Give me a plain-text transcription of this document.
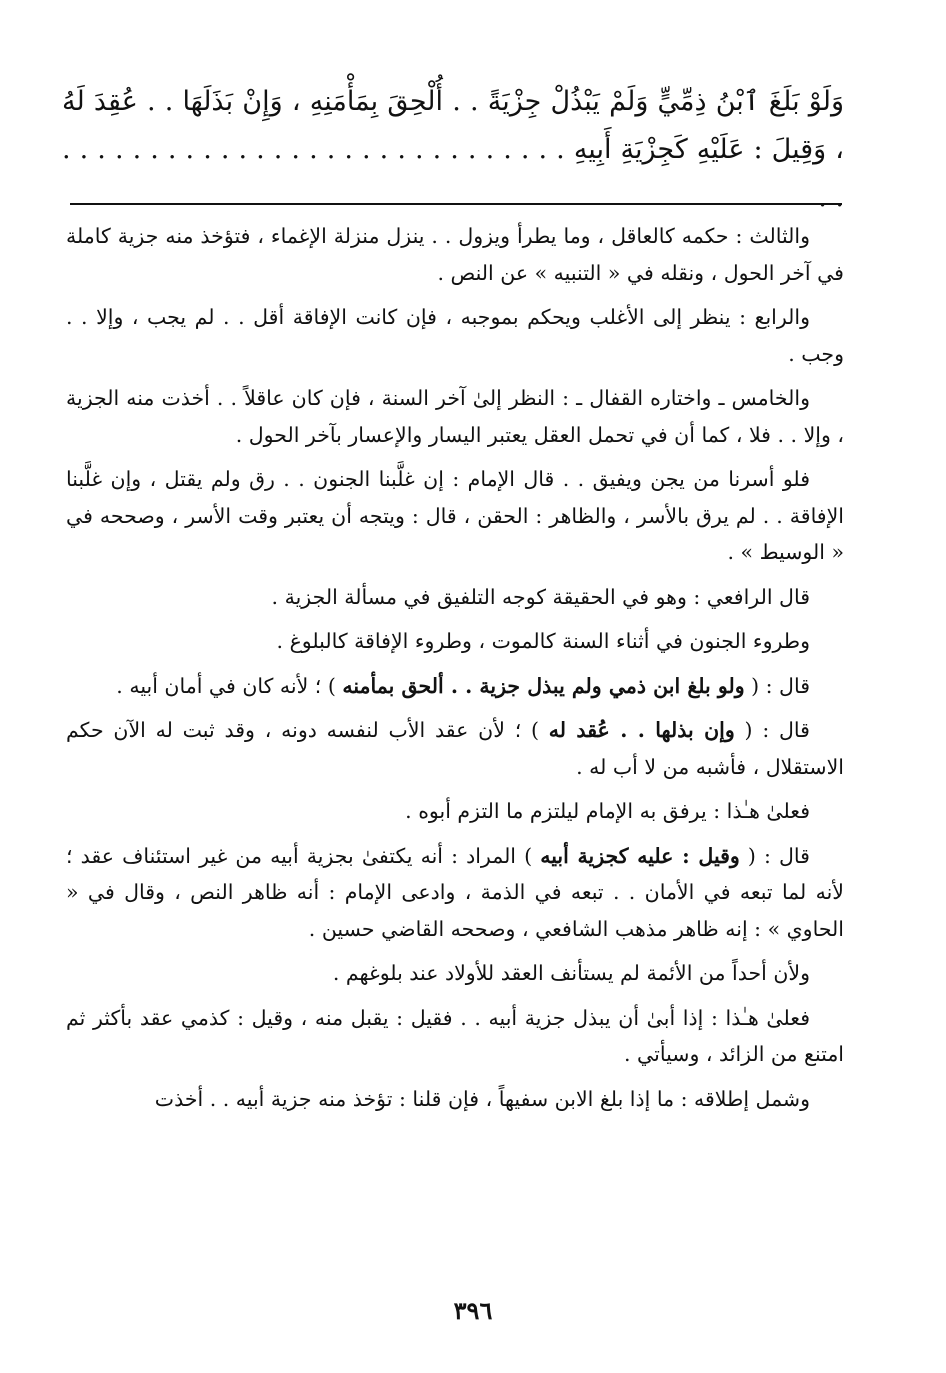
وَلَوْ بَلَغَ ٱبْنُ ذِمِّيٍّ وَلَمْ يَبْذُلْ جِزْيَةً . . أُلْحِقَ بِمَأْمَنِهِ ، وَإِنْ بَذَلَهَا . . عُقِدَ لَهُ ، وَقِيلَ : عَلَيْهِ كَجِزْيَةِ أَبِيهِ . . . . . . . . . . . . . . . . . . . . . . . . . . . . . . .

والثالث : حكمه كالعاقل ، وما يطرأ ويزول . . ينزل منزلة الإغماء ، فتؤخذ منه جزية كاملة في آخر الحول ، ونقله في « التنبيه » عن النص .

والرابع : ينظر إلى الأغلب ويحكم بموجبه ، فإن كانت الإفاقة أقل . . لم يجب ، وإلا . . وجب .

والخامس ـ واختاره القفال ـ : النظر إلىٰ آخر السنة ، فإن كان عاقلاً . . أخذت منه الجزية ، وإلا . . فلا ، كما أن في تحمل العقل يعتبر اليسار والإعسار بآخر الحول .

فلو أسرنا من يجن ويفيق . . قال الإمام : إن غلَّبنا الجنون . . رق ولم يقتل ، وإن غلَّبنا الإفاقة . . لم يرق بالأسر ، والظاهر : الحقن ، قال : ويتجه أن يعتبر وقت الأسر ، وصححه في « الوسيط » .

قال الرافعي : وهو في الحقيقة كوجه التلفيق في مسألة الجزية .

وطروء الجنون في أثناء السنة كالموت ، وطروء الإفاقة كالبلوغ .

قال : ( ولو بلغ ابن ذمي ولم يبذل جزية . . ألحق بمأمنه ) ؛ لأنه كان في أمان أبيه .

قال : ( وإن بذلها . . عُقد له ) ؛ لأن عقد الأب لنفسه دونه ، وقد ثبت له الآن حكم الاستقلال ، فأشبه من لا أب له .

فعلىٰ هـٰذا : يرفق به الإمام ليلتزم ما التزم أبوه .

قال : ( وقيل : عليه كجزية أبيه ) المراد : أنه يكتفىٰ بجزية أبيه من غير استئناف عقد ؛ لأنه لما تبعه في الأمان . . تبعه في الذمة ، وادعى الإمام : أنه ظاهر النص ، وقال في « الحاوي » : إنه ظاهر مذهب الشافعي ، وصححه القاضي حسين .

ولأن أحداً من الأئمة لم يستأنف العقد للأولاد عند بلوغهم .

فعلىٰ هـٰذا : إذا أبىٰ أن يبذل جزية أبيه . . فقيل : يقبل منه ، وقيل : كذمي عقد بأكثر ثم امتنع من الزائد ، وسيأتي .

وشمل إطلاقه : ما إذا بلغ الابن سفيهاً ، فإن قلنا : تؤخذ منه جزية أبيه . . أخذت

٣٩٦
